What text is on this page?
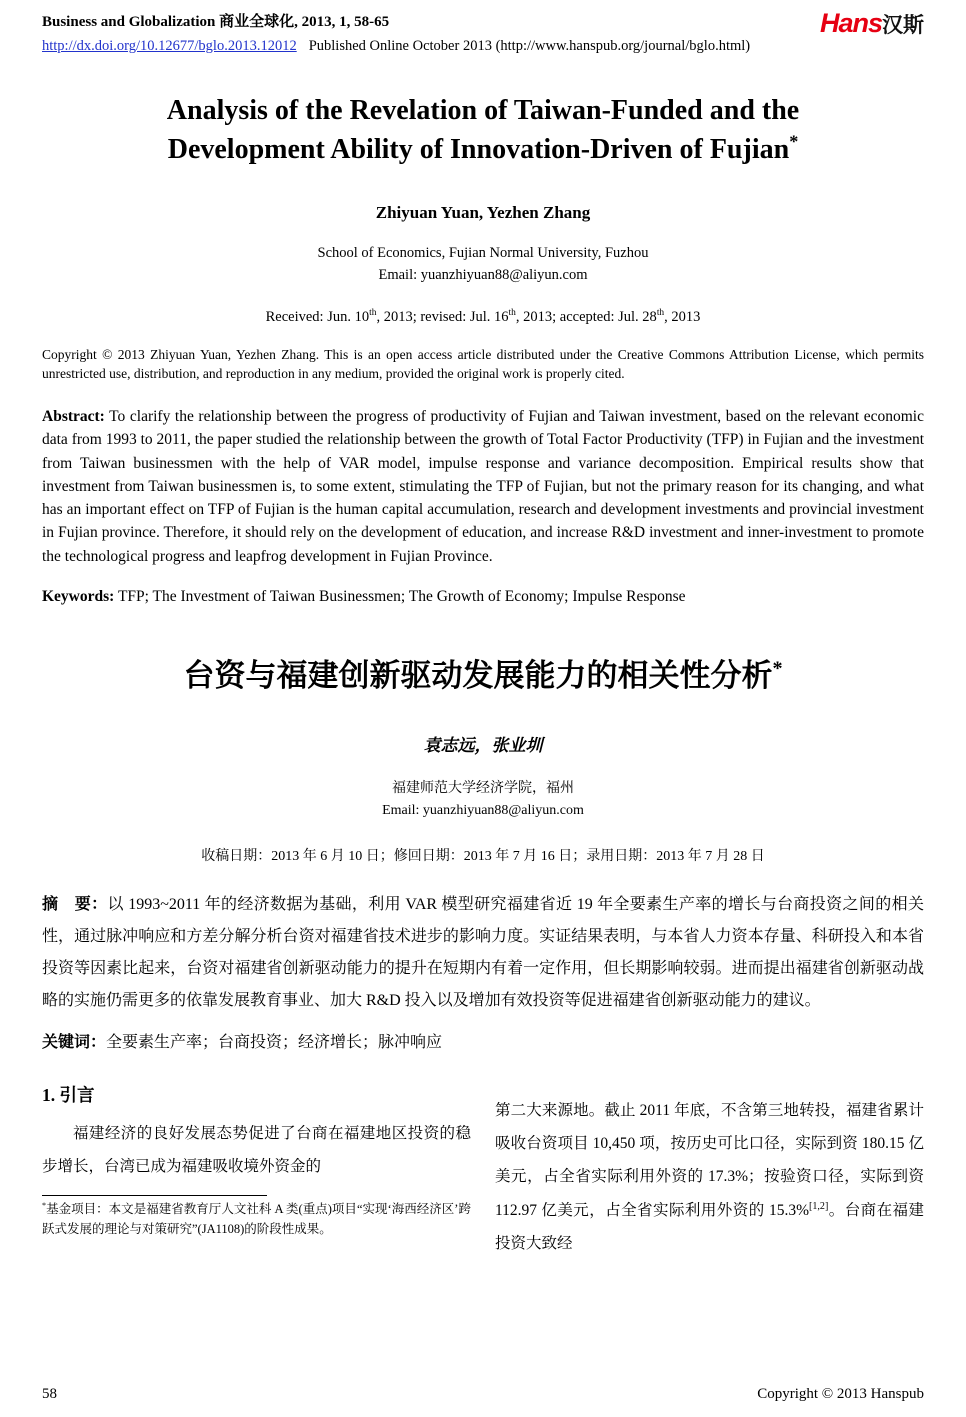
Business and Globalization 商业全球化, 2013, 1, 58-65
http://dx.doi.org/10.12677/bglo.2013.12012 Published Online October 2013 (http://www.hanspub.org/journal/bglo.html)
Hans汉斯
Analysis of the Revelation of Taiwan-Funded and the
Development Ability of Innovation-Driven of Fujian*
Zhiyuan Yuan, Yezhen Zhang
School of Economics, Fujian Normal University, Fuzhou
Email: yuanzhiyuan88@aliyun.com
Received: Jun. 10th, 2013; revised: Jul. 16th, 2013; accepted: Jul. 28th, 2013

Copyright © 2013 Zhiyuan Yuan, Yezhen Zhang. This is an open access article distributed under the Creative Commons Attribution License, which permits unrestricted use, distribution, and reproduction in any medium, provided the original work is properly cited.

Abstract: To clarify the relationship between the progress of productivity of Fujian and Taiwan investment, based on the relevant economic data from 1993 to 2011, the paper studied the relationship between the growth of Total Factor Productivity (TFP) in Fujian and the investment from Taiwan businessmen with the help of VAR model, impulse response and variance decomposition. Empirical results show that investment from Taiwan businessmen is, to some extent, stimulating the TFP of Fujian, but not the primary reason for its changing, and what has an important effect on TFP of Fujian is the human capital accumulation, research and development investments and provincial investment in Fujian province. Therefore, it should rely on the development of education, and increase R&D investment and inner-investment to promote the technological progress and leapfrog development in Fujian Province.

Keywords: TFP; The Investment of Taiwan Businessmen; The Growth of Economy; Impulse Response

台资与福建创新驱动发展能力的相关性分析*
袁志远，张业圳
福建师范大学经济学院，福州
Email: yuanzhiyuan88@aliyun.com
收稿日期：2013 年 6 月 10 日；修回日期：2013 年 7 月 16 日；录用日期：2013 年 7 月 28 日

摘　要：以 1993~2011 年的经济数据为基础，利用 VAR 模型研究福建省近 19 年全要素生产率的增长与台商投资之间的相关性，通过脉冲响应和方差分解分析台资对福建省技术进步的影响力度。实证结果表明，与本省人力资本存量、科研投入和本省投资等因素比起来，台资对福建省创新驱动能力的提升在短期内有着一定作用，但长期影响较弱。进而提出福建省创新驱动战略的实施仍需更多的依靠发展教育事业、加大 R&D 投入以及增加有效投资等促进福建省创新驱动能力的建议。

关键词：全要素生产率；台商投资；经济增长；脉冲响应

1. 引言

福建经济的良好发展态势促进了台商在福建地区投资的稳步增长，台湾已成为福建吸收境外资金的

*基金项目：本文是福建省教育厅人文社科 A 类(重点)项目“实现‘海西经济区’跨跃式发展的理论与对策研究”(JA1108)的阶段性成果。

第二大来源地。截止 2011 年底，不含第三地转投，福建省累计吸收台资项目 10,450 项，按历史可比口径，实际到资 180.15 亿美元，占全省实际利用外资的 17.3%；按验资口径，实际到资 112.97 亿美元，占全省实际利用外资的 15.3%[1,2]。台商在福建投资大致经

58	Copyright © 2013 Hanspub
